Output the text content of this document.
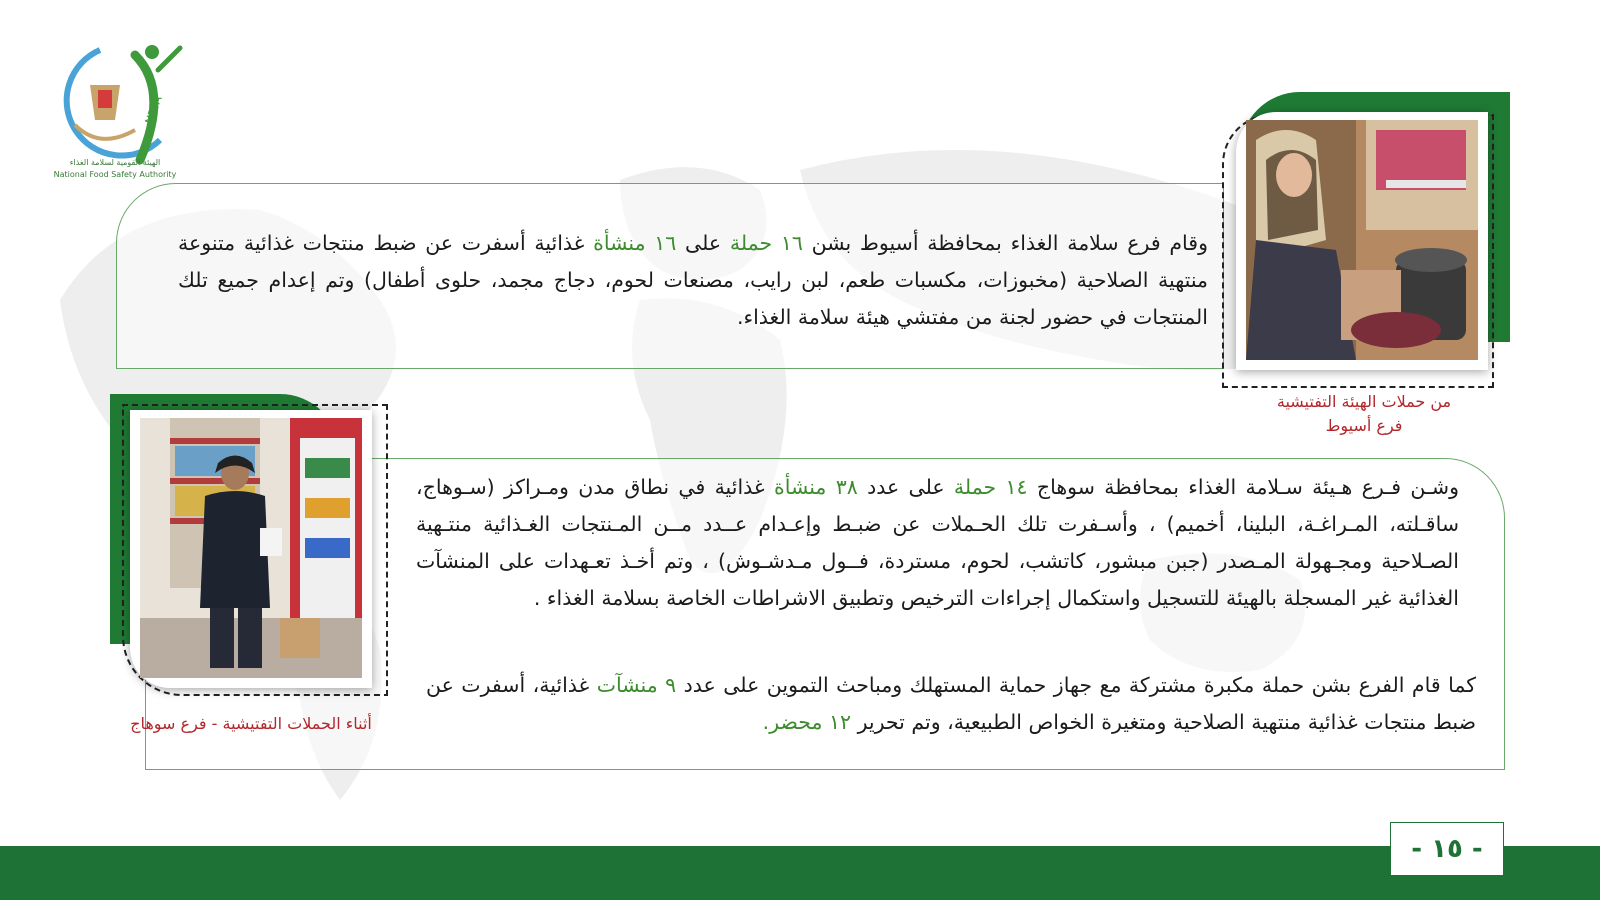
NFSA
الهيئة القومية لسلامة الغذاء
National Food Safety Authority
وقام فرع سلامة الغذاء بمحافظة أسيوط بشن ١٦ حملة على ١٦ منشأة غذائية أسفرت عن ضبط منتجات غذائية متنوعة منتهية الصلاحية (مخبوزات، مكسبات طعم، لبن رايب، مصنعات لحوم، دجاج مجمد، حلوى أطفال) وتم إعدام جميع تلك المنتجات في حضور لجنة من مفتشي هيئة سلامة الغذاء.
من حملات الهيئة التفتيشية
فرع أسيوط
وشـن فـرع هـيئة سـلامة الغذاء بمحافظة سوهاج ١٤ حملة على عدد ٣٨ منشأة غذائية في نطاق مدن ومـراكز (سـوهاج، ساقـلته، المـراغـة، البلينا، أخميم) ، وأسـفرت تلك الحـملات عن ضبـط وإعـدام عــدد مــن المـنتجات الغـذائية منتـهية الصـلاحية ومجـهولة المـصدر (جبن مبشور، كاتشب، لحوم، مستردة، فــول مـدشـوش) ، وتم أخـذ تعـهدات على المنشآت الغذائية غير المسجلة بالهيئة للتسجيل واستكمال إجراءات الترخيص وتطبيق الاشراطات الخاصة بسلامة الغذاء .
كما قام الفرع بشن حملة مكبرة مشتركة مع جهاز حماية المستهلك ومباحث التموين على عدد ٩ منشآت غذائية، أسفرت عن ضبط منتجات غذائية منتهية الصلاحية ومتغيرة الخواص الطبيعية، وتم تحرير ١٢ محضر.
أثناء الحملات التفتيشية - فرع سوهاج
- ١٥ -
